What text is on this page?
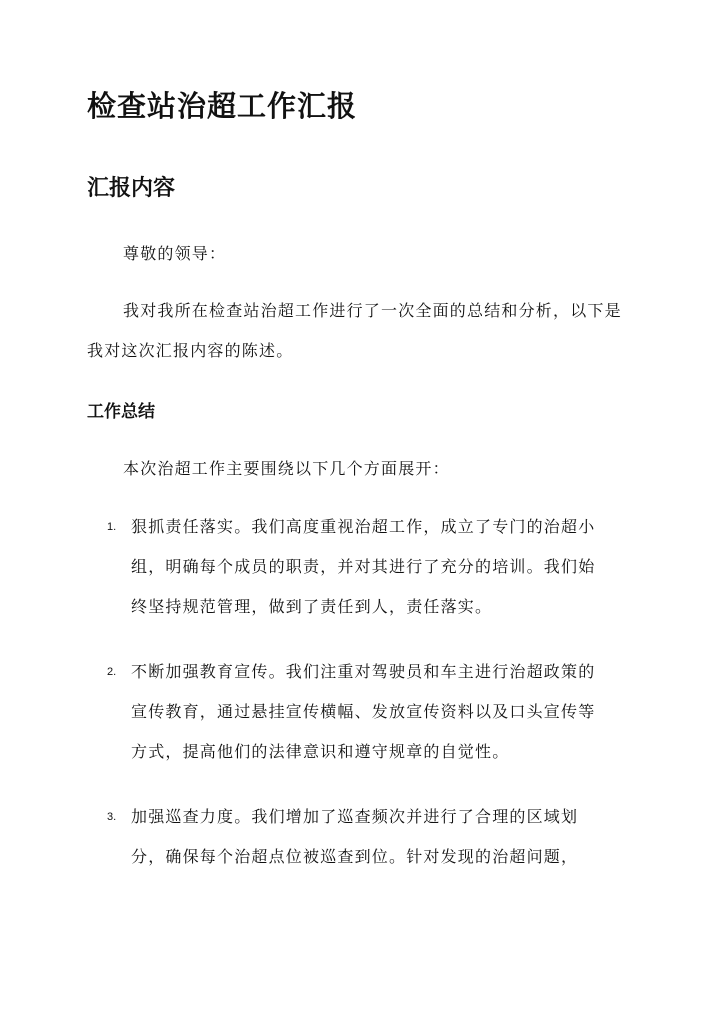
检查站治超工作汇报
汇报内容

尊敬的领导：

我对我所在检查站治超工作进行了一次全面的总结和分析，以下是我对这次汇报内容的陈述。

工作总结

本次治超工作主要围绕以下几个方面展开：

1. 狠抓责任落实。我们高度重视治超工作，成立了专门的治超小组，明确每个成员的职责，并对其进行了充分的培训。我们始终坚持规范管理，做到了责任到人，责任落实。
2. 不断加强教育宣传。我们注重对驾驶员和车主进行治超政策的宣传教育，通过悬挂宣传横幅、发放宣传资料以及口头宣传等方式，提高他们的法律意识和遵守规章的自觉性。
3. 加强巡查力度。我们增加了巡查频次并进行了合理的区域划分，确保每个治超点位被巡查到位。针对发现的治超问题，
